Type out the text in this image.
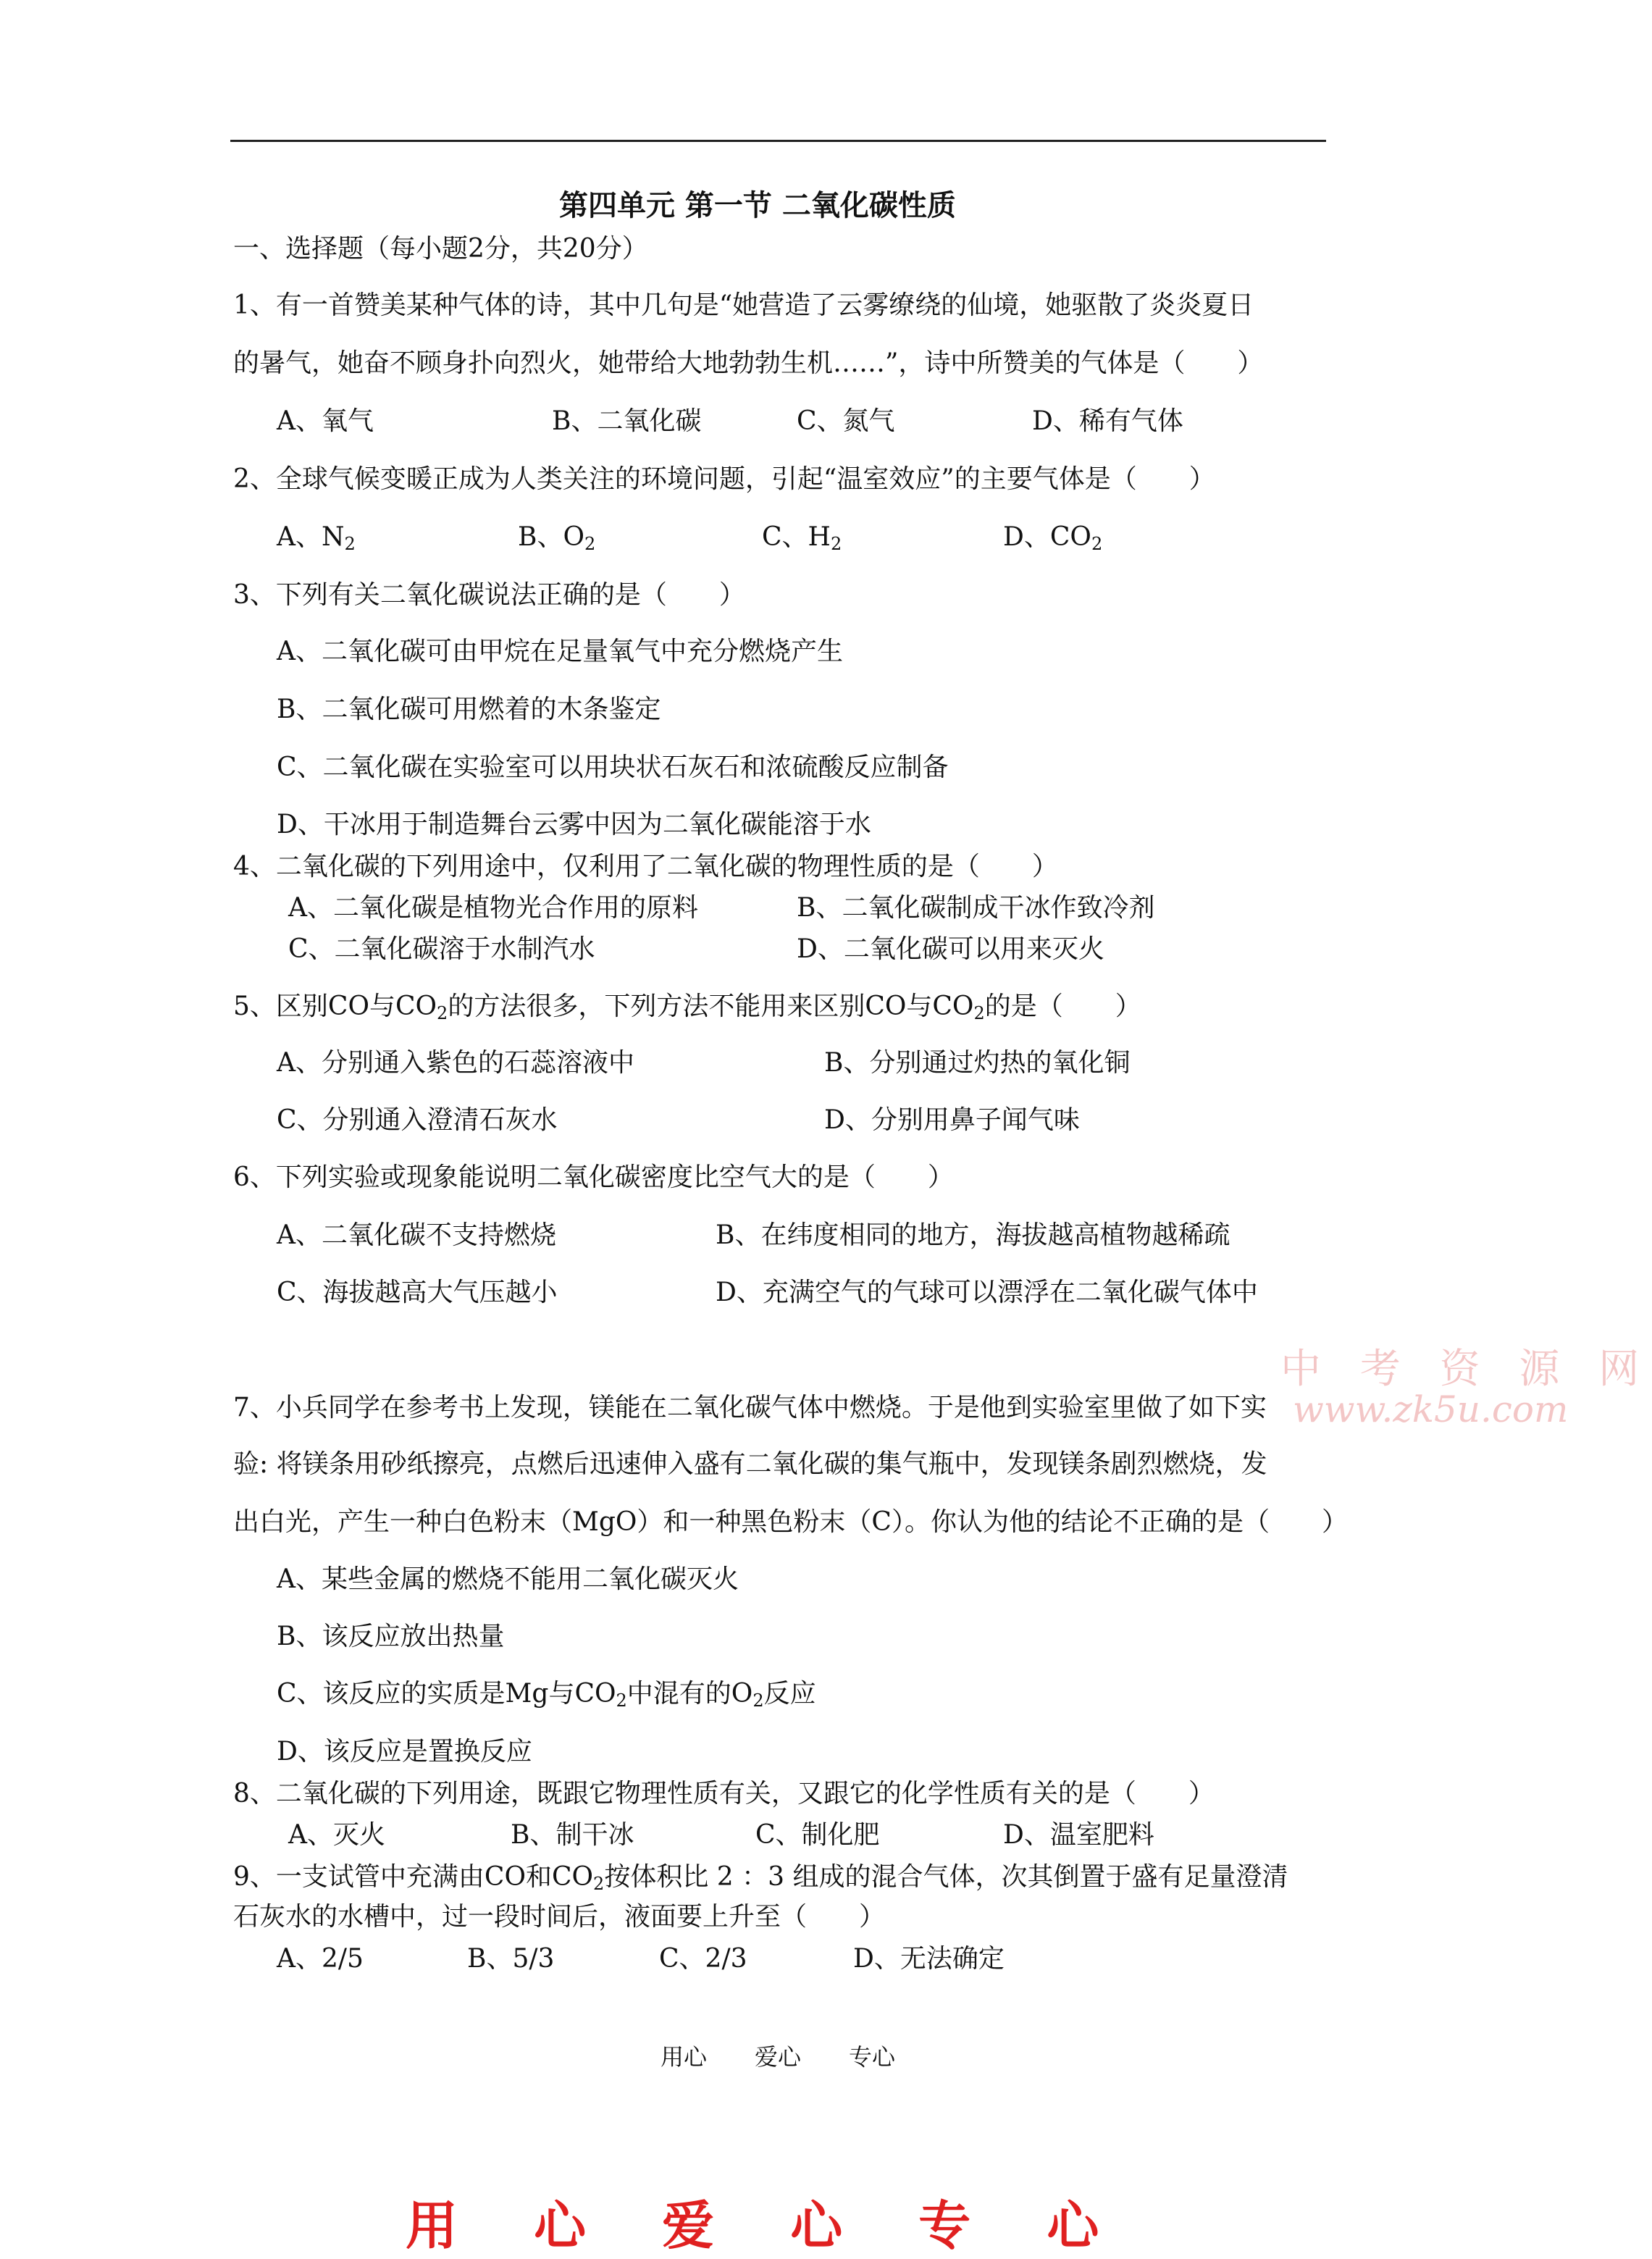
第四单元 第一节 二氧化碳性质
一、选择题（每小题2分，共20分）
1、有一首赞美某种气体的诗，其中几句是“她营造了云雾缭绕的仙境，她驱散了炎炎夏日
的暑气，她奋不顾身扑向烈火，她带给大地勃勃生机……”，诗中所赞美的气体是（　　）
A、氧气	B、二氧化碳	C、氮气	D、稀有气体
2、全球气候变暖正成为人类关注的环境问题，引起“温室效应”的主要气体是（　　）
A、$N_2$	B、$O_2$	C、$H_2$	D、$CO_2$
3、下列有关二氧化碳说法正确的是（　　）
A、二氧化碳可由甲烷在足量氧气中充分燃烧产生
B、二氧化碳可用燃着的木条鉴定
C、二氧化碳在实验室可以用块状石灰石和浓硫酸反应制备
D、干冰用于制造舞台云雾中因为二氧化碳能溶于水
4、二氧化碳的下列用途中，仅利用了二氧化碳的物理性质的是（　　）
A、二氧化碳是植物光合作用的原料	B、二氧化碳制成干冰作致冷剂
C、二氧化碳溶于水制汽水	D、二氧化碳可以用来灭火
5、区别CO与$CO_2$的方法很多，下列方法不能用来区别CO与$CO_2$的是（　　）
A、分别通入紫色的石蕊溶液中	B、分别通过灼热的氧化铜
C、分别通入澄清石灰水	D、分别用鼻子闻气味
6、下列实验或现象能说明二氧化碳密度比空气大的是（　　）
A、二氧化碳不支持燃烧	B、在纬度相同的地方，海拔越高植物越稀疏
C、海拔越高大气压越小	D、充满空气的气球可以漂浮在二氧化碳气体中
中 考 资 源 网
www.zk5u.com
7、小兵同学在参考书上发现，镁能在二氧化碳气体中燃烧。于是他到实验室里做了如下实
验: 将镁条用砂纸擦亮，点燃后迅速伸入盛有二氧化碳的集气瓶中，发现镁条剧烈燃烧，发
出白光，产生一种白色粉末（MgO）和一种黑色粉末（C）。你认为他的结论不正确的是（　　）
A、某些金属的燃烧不能用二氧化碳灭火
B、该反应放出热量
C、该反应的实质是Mg与$CO_2$中混有的$O_2$反应
D、该反应是置换反应
8、二氧化碳的下列用途，既跟它物理性质有关，又跟它的化学性质有关的是（　　）
A、灭火	B、制干冰	C、制化肥	D、温室肥料
9、一支试管中充满由CO和$CO_2$按体积比 2 ：3 组成的混合气体，次其倒置于盛有足量澄清
石灰水的水槽中，过一段时间后，液面要上升至（　　）
A、2/5	B、5/3	C、2/3	D、无法确定
用心 爱心 专心
用 心 爱 心 专 心
